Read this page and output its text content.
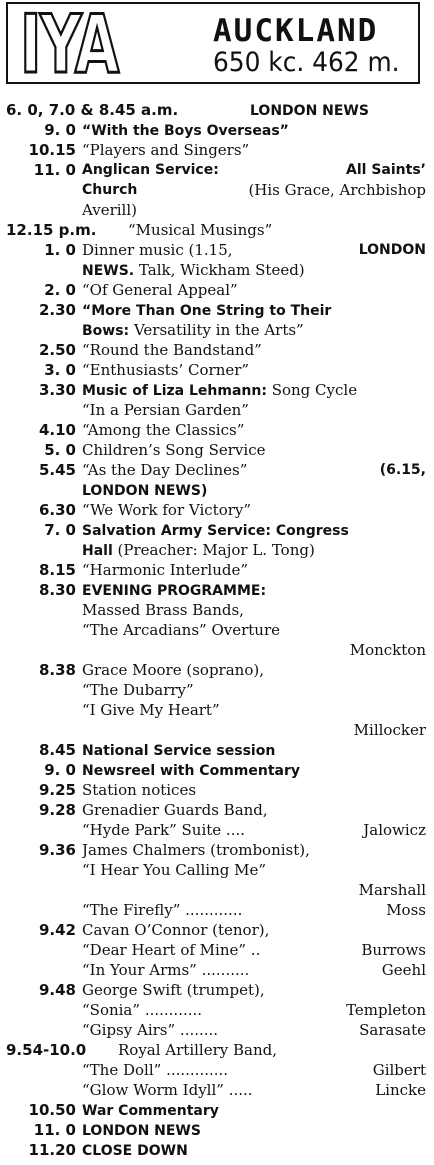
IYA	AUCKLAND
650 kc. 462 m.
6. 0, 7.0 & 8.45 a.m.	LONDON NEWS
9. 0 “With the Boys Overseas”
10.15 “Players and Singers”
11. 0 Anglican Service:	All Saints’
Church	(His Grace, Archbishop
Averill)
12.15 p.m. “Musical Musings”
1. 0 Dinner music (1.15,	LONDON
NEWS. Talk, Wickham Steed)
2. 0 “Of General Appeal”
2.30 “More Than One String to Their
Bows: Versatility in the Arts”
2.50 “Round the Bandstand”
3. 0 “Enthusiasts’ Corner”
3.30 Music of Liza Lehmann: Song Cycle
“In a Persian Garden”
4.10 “Among the Classics”
5. 0 Children’s Song Service
5.45 “As the Day Declines”	(6.15,
LONDON NEWS)
6.30 “We Work for Victory”
7. 0 Salvation Army Service: Congress
Hall (Preacher: Major L. Tong)
8.15 “Harmonic Interlude”
8.30 EVENING PROGRAMME:
Massed Brass Bands,
“The Arcadians” Overture
Monckton
8.38 Grace Moore (soprano),
“The Dubarry”
“I Give My Heart”
Millocker
8.45 National Service session
9. 0 Newsreel with Commentary
9.25 Station notices
9.28 Grenadier Guards Band,
“Hyde Park” Suite ....	Jalowicz
9.36 James Chalmers (trombonist),
“I Hear You Calling Me”
Marshall
“The Firefly” ............	Moss
9.42 Cavan O’Connor (tenor),
“Dear Heart of Mine” ..	Burrows
“In Your Arms” ..........	Geehl
9.48 George Swift (trumpet),
“Sonia” ............	Templeton
“Gipsy Airs” ........	Sarasate
9.54-10.0 Royal Artillery Band,
“The Doll” .............	Gilbert
“Glow Worm Idyll” .....	Lincke
10.50 War Commentary
11. 0 LONDON NEWS
11.20 CLOSE DOWN
